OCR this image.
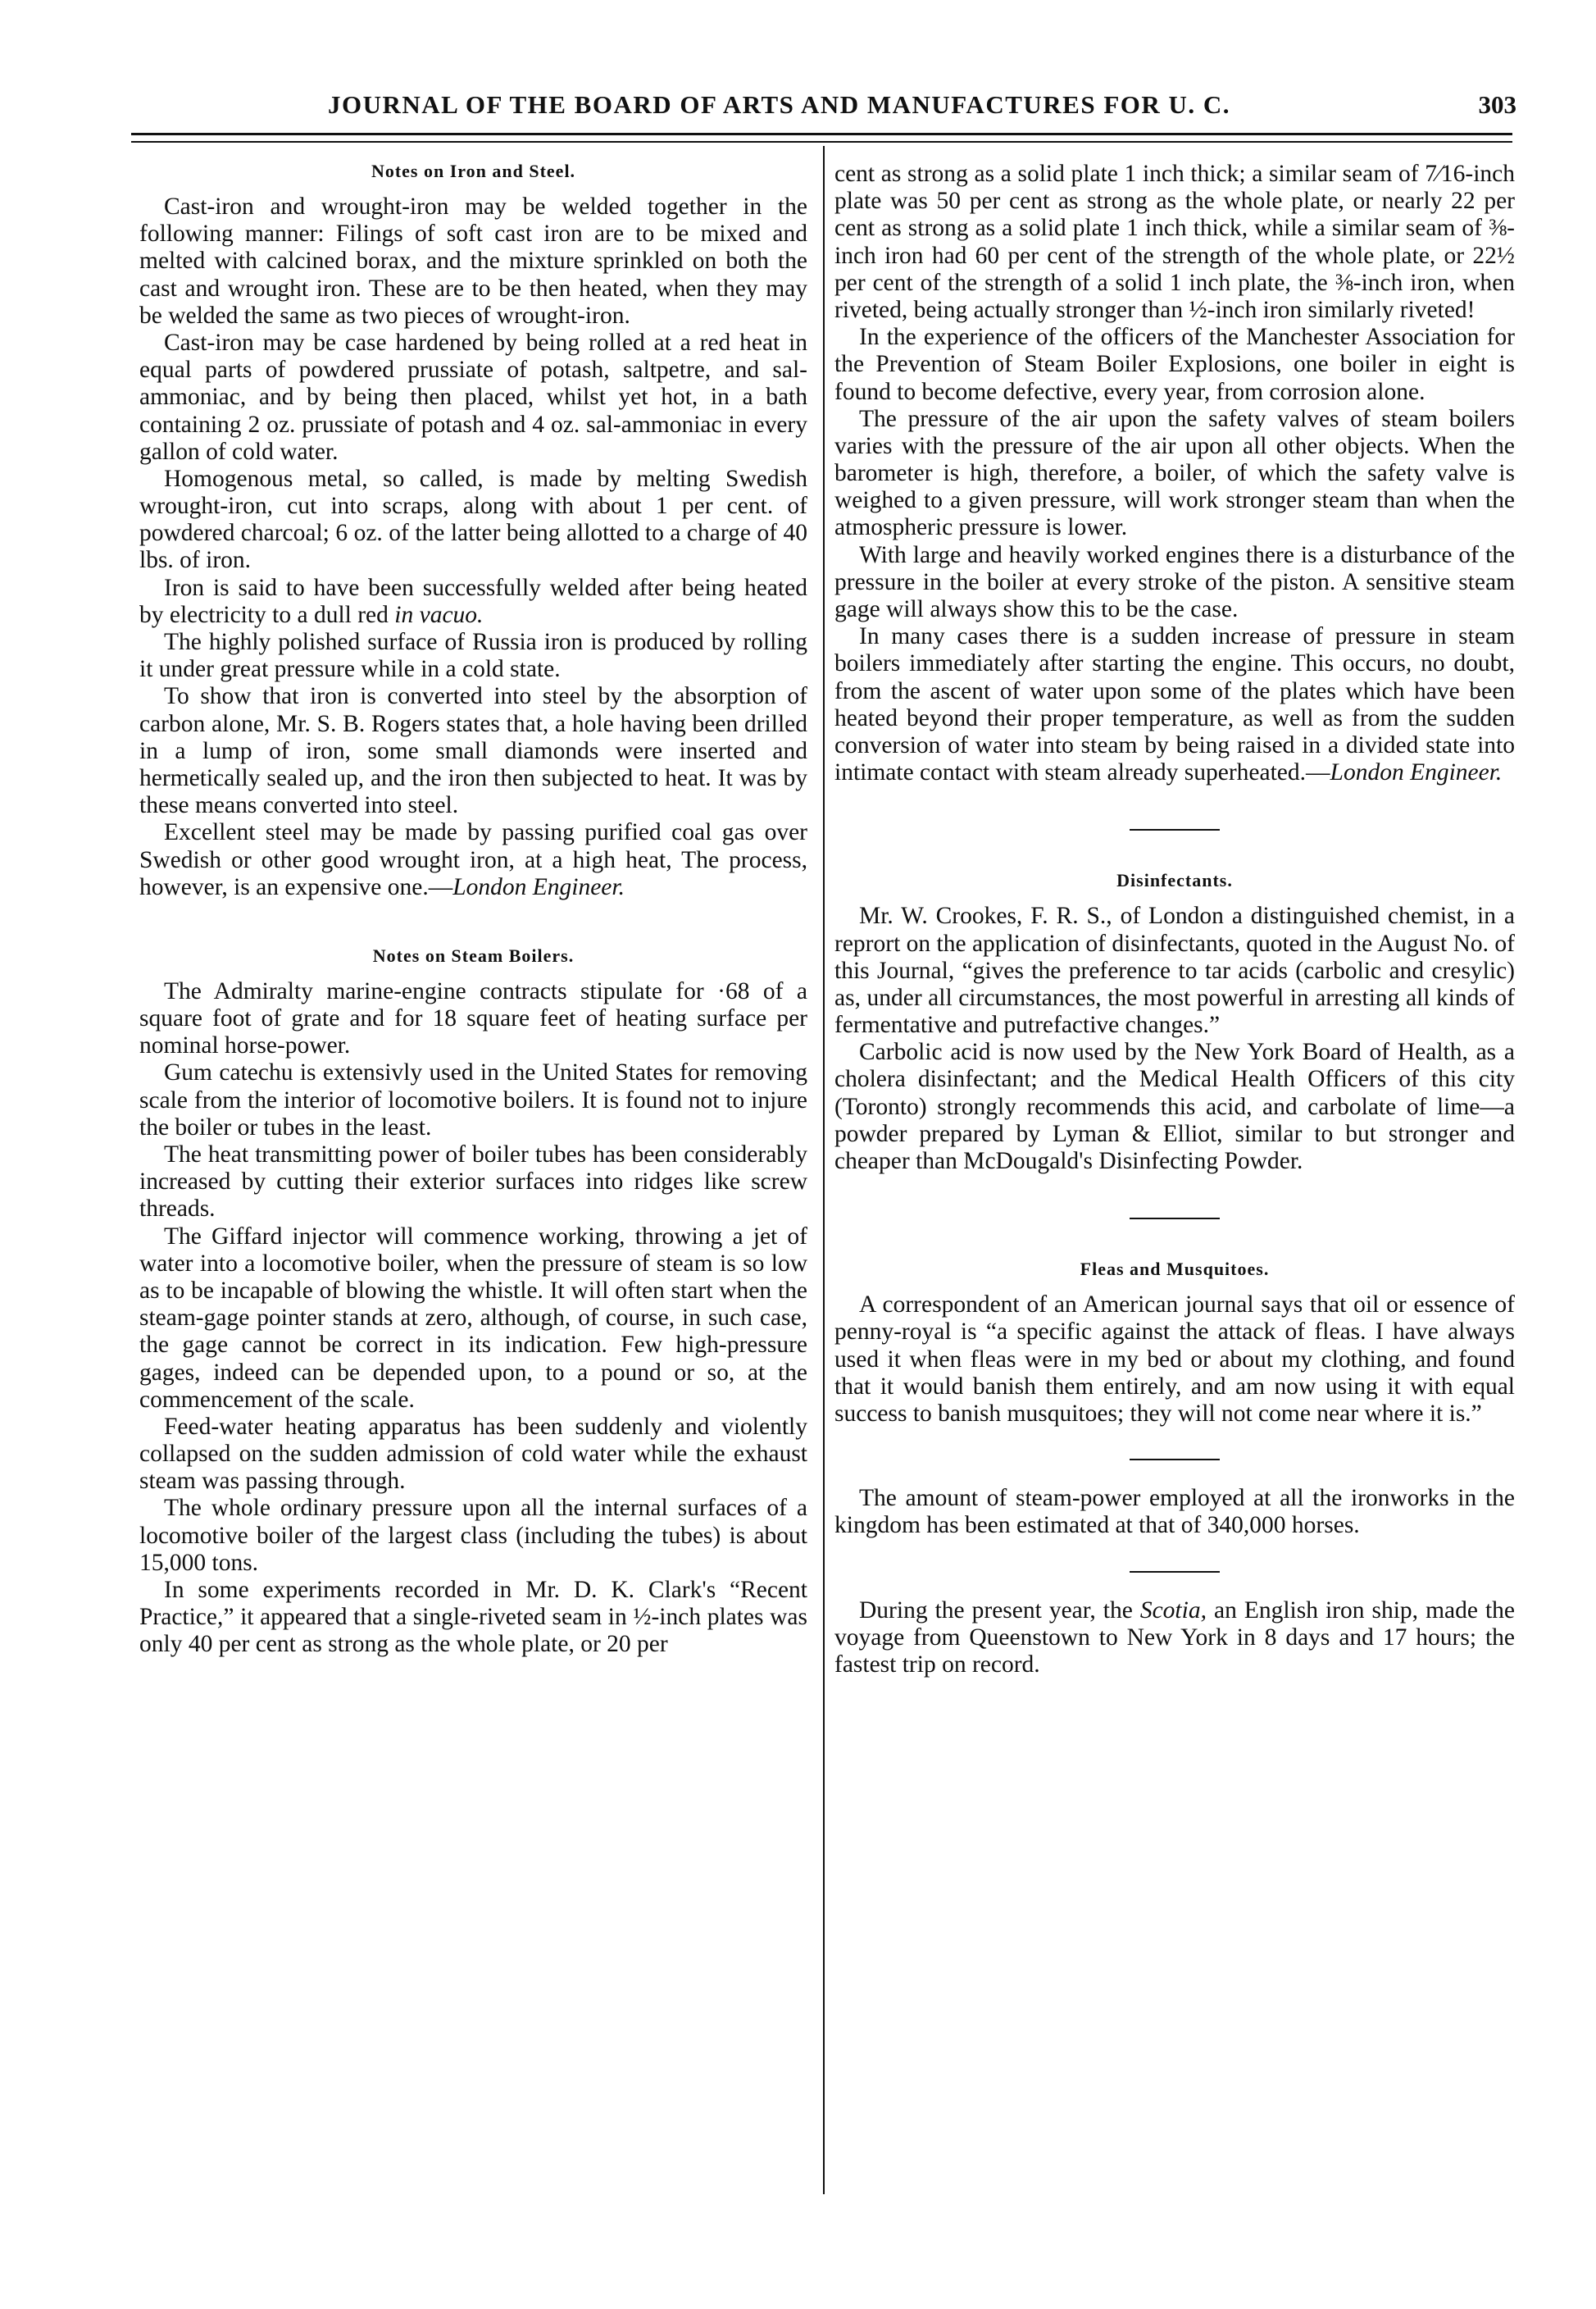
JOURNAL OF THE BOARD OF ARTS AND MANUFACTURES FOR U. C.	303
Notes on Iron and Steel.

Cast-iron and wrought-iron may be welded together in the following manner: Filings of soft cast iron are to be mixed and melted with calcined borax, and the mixture sprinkled on both the cast and wrought iron. These are to be then heated, when they may be welded the same as two pieces of wrought-iron.

Cast-iron may be case hardened by being rolled at a red heat in equal parts of powdered prussiate of potash, saltpetre, and sal-ammoniac, and by being then placed, whilst yet hot, in a bath containing 2 oz. prussiate of potash and 4 oz. sal-ammoniac in every gallon of cold water.

Homogenous metal, so called, is made by melting Swedish wrought-iron, cut into scraps, along with about 1 per cent. of powdered charcoal; 6 oz. of the latter being allotted to a charge of 40 lbs. of iron.

Iron is said to have been successfully welded after being heated by electricity to a dull red in vacuo.

The highly polished surface of Russia iron is produced by rolling it under great pressure while in a cold state.

To show that iron is converted into steel by the absorption of carbon alone, Mr. S. B. Rogers states that, a hole having been drilled in a lump of iron, some small diamonds were inserted and hermetically sealed up, and the iron then subjected to heat. It was by these means converted into steel.

Excellent steel may be made by passing purified coal gas over Swedish or other good wrought iron, at a high heat, The process, however, is an expensive one.—London Engineer.

Notes on Steam Boilers.

The Admiralty marine-engine contracts stipulate for ·68 of a square foot of grate and for 18 square feet of heating surface per nominal horse-power.

Gum catechu is extensivly used in the United States for removing scale from the interior of locomotive boilers. It is found not to injure the boiler or tubes in the least.

The heat transmitting power of boiler tubes has been considerably increased by cutting their exterior surfaces into ridges like screw threads.

The Giffard injector will commence working, throwing a jet of water into a locomotive boiler, when the pressure of steam is so low as to be incapable of blowing the whistle. It will often start when the steam-gage pointer stands at zero, although, of course, in such case, the gage cannot be correct in its indication. Few high-pressure gages, indeed can be depended upon, to a pound or so, at the commencement of the scale.

Feed-water heating apparatus has been suddenly and violently collapsed on the sudden admission of cold water while the exhaust steam was passing through.

The whole ordinary pressure upon all the internal surfaces of a locomotive boiler of the largest class (including the tubes) is about 15,000 tons.

In some experiments recorded in Mr. D. K. Clark's “Recent Practice,” it appeared that a single-riveted seam in ½-inch plates was only 40 per cent as strong as the whole plate, or 20 per

cent as strong as a solid plate 1 inch thick; a similar seam of 7⁄16-inch plate was 50 per cent as strong as the whole plate, or nearly 22 per cent as strong as a solid plate 1 inch thick, while a similar seam of ⅜-inch iron had 60 per cent of the strength of the whole plate, or 22½ per cent of the strength of a solid 1 inch plate, the ⅜-inch iron, when riveted, being actually stronger than ½-inch iron similarly riveted!

In the experience of the officers of the Manchester Association for the Prevention of Steam Boiler Explosions, one boiler in eight is found to become defective, every year, from corrosion alone.

The pressure of the air upon the safety valves of steam boilers varies with the pressure of the air upon all other objects. When the barometer is high, therefore, a boiler, of which the safety valve is weighed to a given pressure, will work stronger steam than when the atmospheric pressure is lower.

With large and heavily worked engines there is a disturbance of the pressure in the boiler at every stroke of the piston. A sensitive steam gage will always show this to be the case.

In many cases there is a sudden increase of pressure in steam boilers immediately after starting the engine. This occurs, no doubt, from the ascent of water upon some of the plates which have been heated beyond their proper temperature, as well as from the sudden conversion of water into steam by being raised in a divided state into intimate contact with steam already superheated.—London Engineer.

Disinfectants.

Mr. W. Crookes, F. R. S., of London a distinguished chemist, in a reprort on the application of disinfectants, quoted in the August No. of this Journal, “gives the preference to tar acids (carbolic and cresylic) as, under all circumstances, the most powerful in arresting all kinds of fermentative and putrefactive changes.”

Carbolic acid is now used by the New York Board of Health, as a cholera disinfectant; and the Medical Health Officers of this city (Toronto) strongly recommends this acid, and carbolate of lime—a powder prepared by Lyman & Elliot, similar to but stronger and cheaper than McDougald's Disinfecting Powder.

Fleas and Musquitoes.

A correspondent of an American journal says that oil or essence of penny-royal is “a specific against the attack of fleas. I have always used it when fleas were in my bed or about my clothing, and found that it would banish them entirely, and am now using it with equal success to banish musquitoes; they will not come near where it is.”

The amount of steam-power employed at all the ironworks in the kingdom has been estimated at that of 340,000 horses.

During the present year, the Scotia, an English iron ship, made the voyage from Queenstown to New York in 8 days and 17 hours; the fastest trip on record.
